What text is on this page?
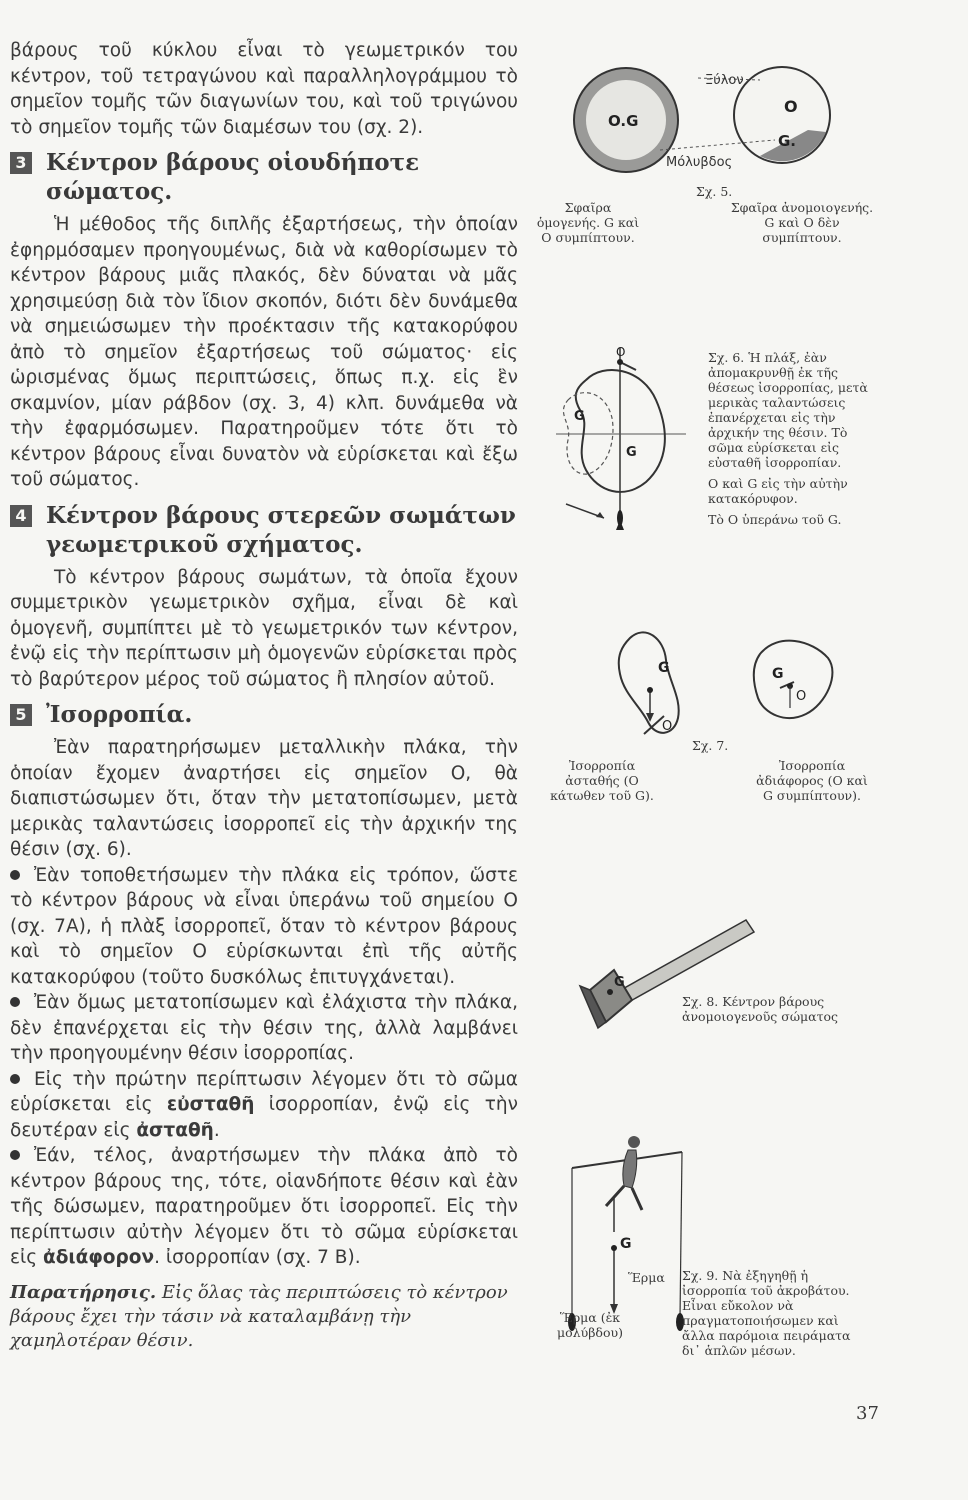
βάρους τοῦ κύκλου εἶναι τὸ γεωμετρικόν του κέντρον, τοῦ τετραγώνου καὶ παραλληλογράμμου τὸ σημεῖον τομῆς τῶν διαγωνίων του, καὶ τοῦ τριγώνου τὸ σημεῖον τομῆς τῶν διαμέσων του (σχ. 2).

3 Κέντρον βάρους οἱουδήποτε σώματος.

Ἡ μέθοδος τῆς διπλῆς ἐξαρτήσεως, τὴν ὁποίαν ἐφηρμόσαμεν προηγουμένως, διὰ νὰ καθορίσωμεν τὸ κέντρον βάρους μιᾶς πλακός, δὲν δύναται νὰ μᾶς χρησιμεύσῃ διὰ τὸν ἴδιον σκοπόν, διότι δὲν δυνάμεθα νὰ σημειώσωμεν τὴν προέκτασιν τῆς κατακορύφου ἀπὸ τὸ σημεῖον ἐξαρτήσεως τοῦ σώματος· εἰς ὡρισμένας ὅμως περιπτώσεις, ὅπως π.χ. εἰς ἓν σκαμνίον, μίαν ράβδον (σχ. 3, 4) κλπ. δυνάμεθα νὰ τὴν ἐφαρμόσωμεν. Παρατηροῦμεν τότε ὅτι τὸ κέντρον βάρους εἶναι δυνατὸν νὰ εὑρίσκεται καὶ ἔξω τοῦ σώματος.

4 Κέντρον βάρους στερεῶν σωμάτων γεωμετρικοῦ σχήματος.

Τὸ κέντρον βάρους σωμάτων, τὰ ὁποῖα ἔχουν συμμετρικὸν γεωμετρικὸν σχῆμα, εἶναι δὲ καὶ ὁμογενῆ, συμπίπτει μὲ τὸ γεωμετρικόν των κέντρον, ἐνῷ εἰς τὴν περίπτωσιν μὴ ὁμογενῶν εὑρίσκεται πρὸς τὸ βαρύτερον μέρος τοῦ σώματος ἢ πλησίον αὐτοῦ.

5 Ἰσορροπία.

Ἐὰν παρατηρήσωμεν μεταλλικὴν πλάκα, τὴν ὁποίαν ἔχομεν ἀναρτήσει εἰς σημεῖον Ο, θὰ διαπιστώσωμεν ὅτι, ὅταν τὴν μετατοπίσωμεν, μετὰ μερικὰς ταλαντώσεις ἰσορροπεῖ εἰς τὴν ἀρχικήν της θέσιν (σχ. 6).

Ἐὰν τοποθετήσωμεν τὴν πλάκα εἰς τρόπον, ὥστε τὸ κέντρον βάρους νὰ εἶναι ὑπεράνω τοῦ σημείου Ο (σχ. 7Α), ἡ πλὰξ ἰσορροπεῖ, ὅταν τὸ κέντρον βάρους καὶ τὸ σημεῖον Ο εὑρίσκωνται ἐπὶ τῆς αὐτῆς κατακορύφου (τοῦτο δυσκόλως ἐπιτυγχάνεται).

Ἐὰν ὅμως μετατοπίσωμεν καὶ ἐλάχιστα τὴν πλάκα, δὲν ἐπανέρχεται εἰς τὴν θέσιν της, ἀλλὰ λαμβάνει τὴν προηγουμένην θέσιν ἰσορροπίας.

Εἰς τὴν πρώτην περίπτωσιν λέγομεν ὅτι τὸ σῶμα εὑρίσκεται εἰς εὐσταθῆ ἰσορροπίαν, ἐνῷ εἰς τὴν δευτέραν εἰς ἀσταθῆ.

Ἐάν, τέλος, ἀναρτήσωμεν τὴν πλάκα ἀπὸ τὸ κέντρον βάρους της, τότε, οἱανδήποτε θέσιν καὶ ἐὰν τῆς δώσωμεν, παρατηροῦμεν ὅτι ἰσορροπεῖ. Εἰς τὴν περίπτωσιν αὐτὴν λέγομεν ὅτι τὸ σῶμα εὑρίσκεται εἰς ἀδιάφορον. ἰσορροπίαν (σχ. 7 Β).

Παρατήρησις. Εἰς ὅλας τὰς περιπτώσεις τὸ κέντρον βάρους ἔχει τὴν τάσιν νὰ καταλαμβάνῃ τὴν χαμηλοτέραν θέσιν.

O.G
O
G.
Ξύλον
Μόλυβδος
Σχ. 5.
Σφαῖρα ὁμογενής. G καὶ Ο συμπίπτουν.
Σφαῖρα ἀνομοιογενής. G καὶ Ο δὲν συμπίπτουν.
O
G
G
Σχ. 6. Ἡ πλάξ, ἐὰν ἀπομακρυνθῇ ἐκ τῆς θέσεως ἰσορροπίας, μετὰ μερικὰς ταλαντώσεις ἐπανέρχεται εἰς τὴν ἀρχικήν της θέσιν. Τὸ σῶμα εὑρίσκεται εἰς εὐσταθῆ ἰσορροπίαν.
Ο καὶ G εἰς τὴν αὐτὴν κατακόρυφον.
Τὸ Ο ὑπεράνω τοῦ G.
G
O
G
O
Σχ. 7.
Ἰσορροπία ἀσταθής (Ο κάτωθεν τοῦ G).
Ἰσορροπία ἀδιάφορος (Ο καὶ G συμπίπτουν).
G
Σχ. 8. Κέντρον βάρους ἀνομοιογενοῦς σώματος
G
Ἕρμα
Ἕρμα (ἐκ μολύβδου)
Σχ. 9. Νὰ ἐξηγηθῇ ἡ ἰσορροπία τοῦ ἀκροβάτου. Εἶναι εὔκολον νὰ πραγματοποιήσωμεν καὶ ἄλλα παρόμοια πειράματα δι᾽ ἁπλῶν μέσων.
37
